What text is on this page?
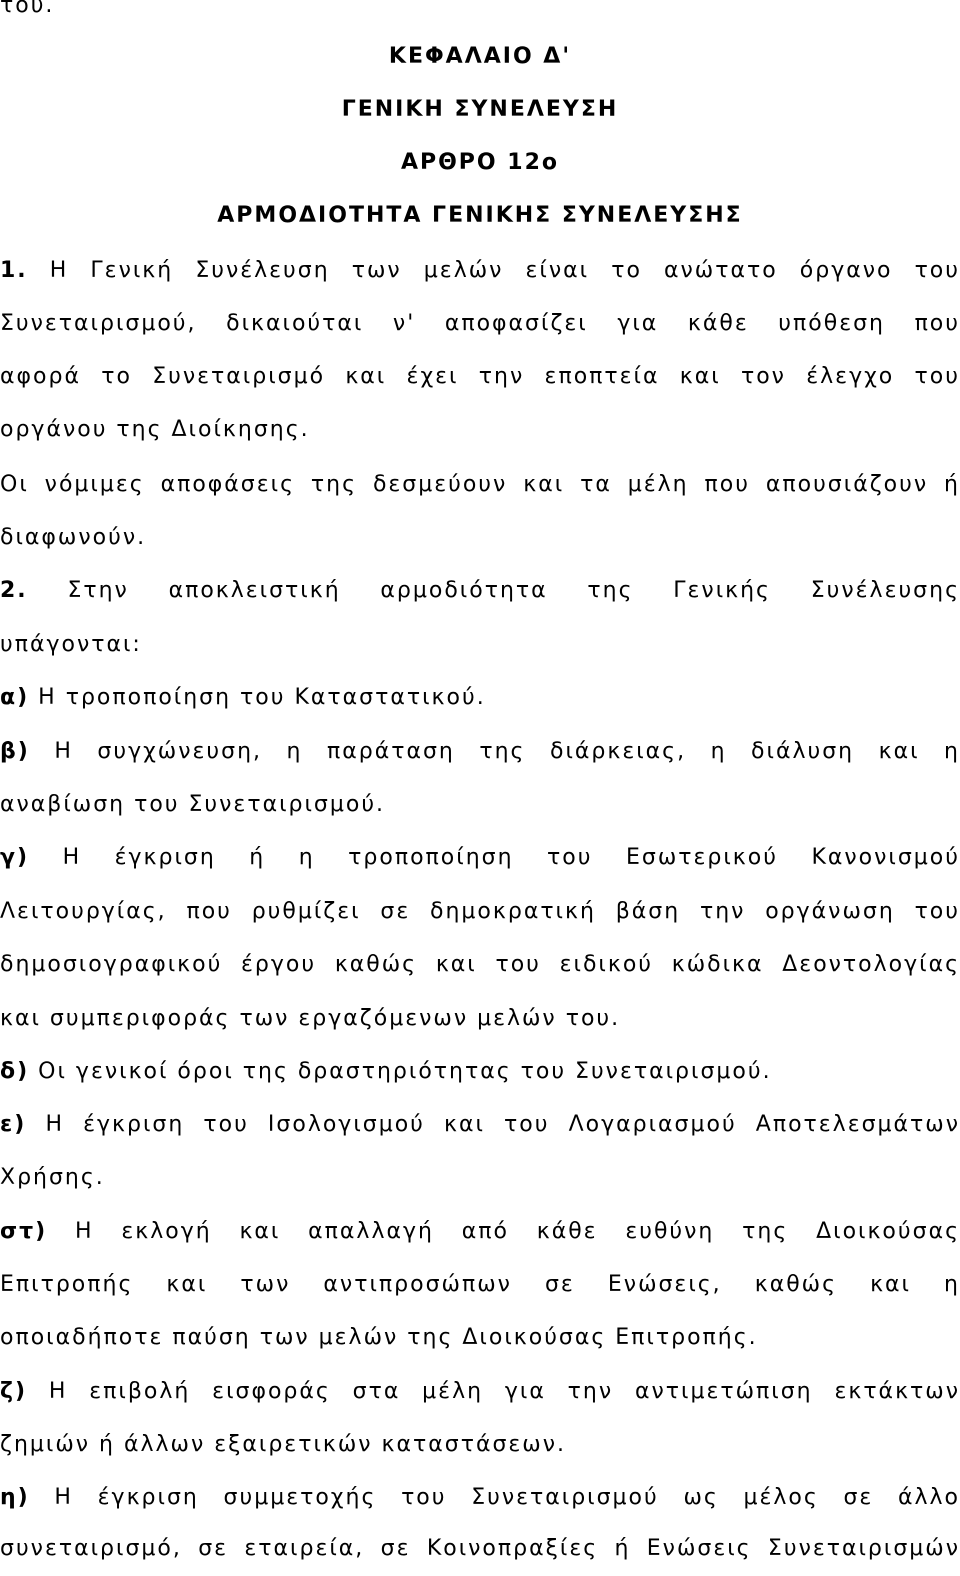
του.
ΚΕΦΑΛΑΙΟ Δ'
ΓΕΝΙΚΗ ΣΥΝΕΛΕΥΣΗ
ΑΡΘΡΟ 12ο
ΑΡΜΟΔΙΟΤΗΤΑ ΓΕΝΙΚΗΣ ΣΥΝΕΛΕΥΣΗΣ
1. Η Γενική Συνέλευση των μελών είναι το ανώτατο όργανο του
Συνεταιρισμού, δικαιούται ν' αποφασίζει για κάθε υπόθεση που
αφορά το Συνεταιρισμό και έχει την εποπτεία και τον έλεγχο του
οργάνου της Διοίκησης.
Οι νόμιμες αποφάσεις της δεσμεύουν και τα μέλη που απουσιάζουν ή
διαφωνούν.
2. Στην αποκλειστική αρμοδιότητα της Γενικής Συνέλευσης
υπάγονται:
α) Η τροποποίηση του Καταστατικού.
β) Η συγχώνευση, η παράταση της διάρκειας, η διάλυση και η
αναβίωση του Συνεταιρισμού.
γ) Η έγκριση ή η τροποποίηση του Εσωτερικού Κανονισμού
Λειτουργίας, που ρυθμίζει σε δημοκρατική βάση την οργάνωση του
δημοσιογραφικού έργου καθώς και του ειδικού κώδικα Δεοντολογίας
και συμπεριφοράς των εργαζόμενων μελών του.
δ) Οι γενικοί όροι της δραστηριότητας του Συνεταιρισμού.
ε) Η έγκριση του Ισολογισμού και του Λογαριασμού Αποτελεσμάτων
Χρήσης.
στ) Η εκλογή και απαλλαγή από κάθε ευθύνη της Διοικούσας
Επιτροπής και των αντιπροσώπων σε Ενώσεις, καθώς και η
οποιαδήποτε παύση των μελών της Διοικούσας Επιτροπής.
ζ) Η επιβολή εισφοράς στα μέλη για την αντιμετώπιση εκτάκτων
ζημιών ή άλλων εξαιρετικών καταστάσεων.
η) Η έγκριση συμμετοχής του Συνεταιρισμού ως μέλος σε άλλο
συνεταιρισμό, σε εταιρεία, σε Κοινοπραξίες ή Ενώσεις Συνεταιρισμών
